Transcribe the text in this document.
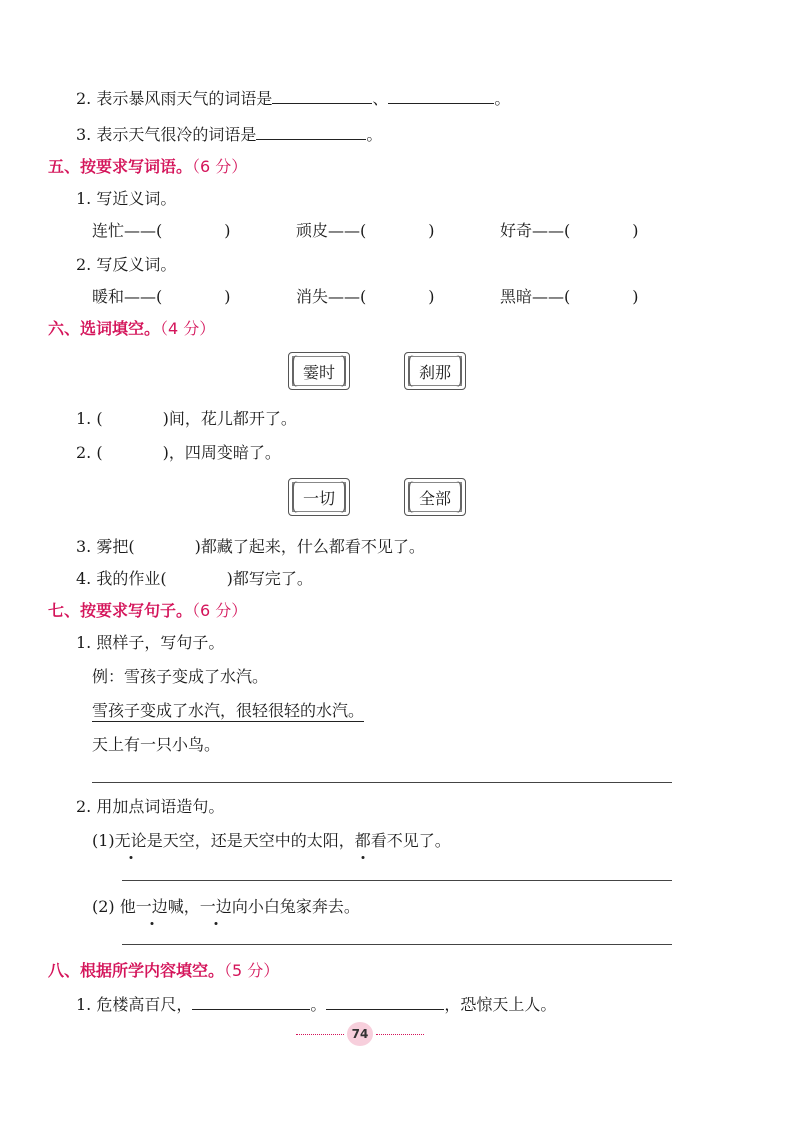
2. 表示暴风雨天气的词语是	、	。
3. 表示天气很冷的词语是	。
五、按要求写词语。（6 分）
1. 写近义词。
连忙——(	)	顽皮——(	)	好奇——(	)
2. 写反义词。
暖和——(	)	消失——(	)	黑暗——(	)
六、选词填空。（4 分）
霎时	刹那
1. (	)间，花儿都开了。
2. (	)，四周变暗了。
一切	全部
3. 雾把(	)都藏了起来，什么都看不见了。
4. 我的作业(	)都写完了。
七、按要求写句子。（6 分）
1. 照样子，写句子。
例：雪孩子变成了水汽。
雪孩子变成了水汽，很轻很轻的水汽。
天上有一只小鸟。
2. 用加点词语造句。
(1)无论是天空，还是天空中的太阳，都看不见了。
(2) 他一边喊，一边向小白兔家奔去。
八、根据所学内容填空。（5 分）
1. 危楼高百尺，	。	，恐惊天上人。
74
